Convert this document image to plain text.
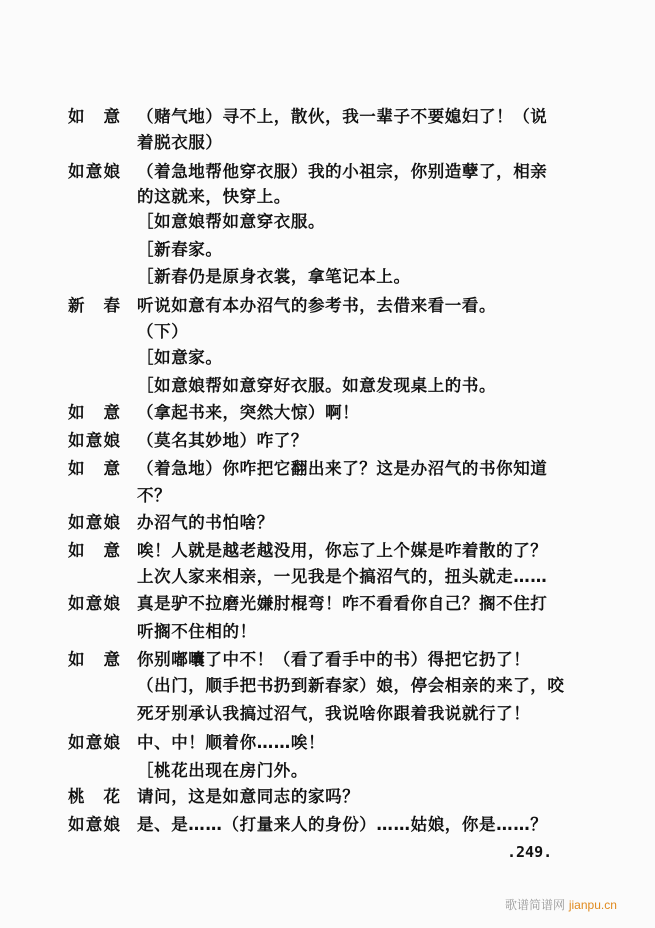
如意 （赌气地）寻不上，散伙，我一辈子不要媳妇了！（说
着脱衣服）
如意娘 （着急地帮他穿衣服）我的小祖宗，你别造孽了，相亲
的这就来，快穿上。
［如意娘帮如意穿衣服。
［新春家。
［新春仍是原身衣裳，拿笔记本上。
新春 听说如意有本办沼气的参考书，去借来看一看。
（下）
［如意家。
［如意娘帮如意穿好衣服。如意发现桌上的书。
如意 （拿起书来，突然大惊）啊！
如意娘 （莫名其妙地）咋了？
如意 （着急地）你咋把它翻出来了？这是办沼气的书你知道
不？
如意娘 办沼气的书怕啥？
如意 唉！人就是越老越没用，你忘了上个媒是咋着散的了？
上次人家来相亲，一见我是个搞沼气的，扭头就走……
如意娘 真是驴不拉磨光嫌肘棍弯！咋不看看你自己？搁不住打
听搁不住相的！
如意 你别嘟囔了中不！（看了看手中的书）得把它扔了！
（出门，顺手把书扔到新春家）娘，停会相亲的来了，咬
死牙别承认我搞过沼气，我说啥你跟着我说就行了！
如意娘 中、中！顺着你……唉！
［桃花出现在房门外。
桃花 请问，这是如意同志的家吗？
如意娘 是、是……（打量来人的身份）……姑娘，你是……？
.249.
歌谱简谱网 jianpu.cn
